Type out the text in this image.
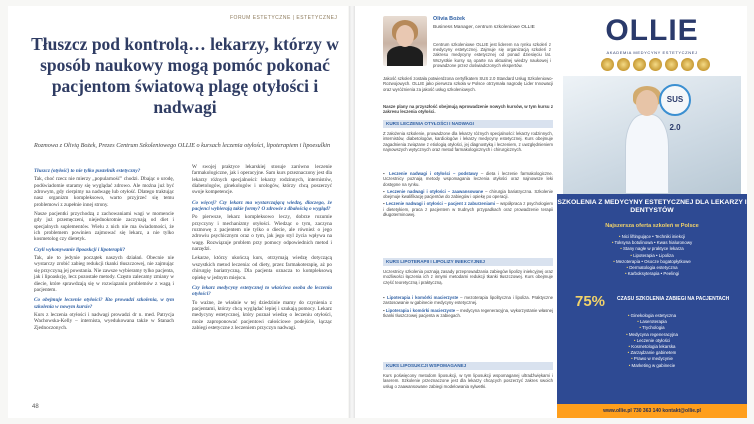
FORUM ESTETYCZNE | ESTETYCZNEJ
Tłuszcz pod kontrolą… lekarzy, którzy w sposób naukowy mogą pomóc pokonać pacjentom światową plagę otyłości i nadwagi
Rozmowa z Olivią Bożek, Prezes Centrum Szkoleniowego OLLIE o kursach leczenia otyłości, lipoterapiem i lipoesulkin
Tłuszcz (otyłość) to nie tylko pustelnik estetyczny?

Tak, choć rzecz nie mierzy „popularność” chodzi. Dbając o urodę, podświadomie staramy się wyglądać zdrowo. Ale można już być zdrowym, gdy cierpimy na nadwagę lub otyłość. Dlatego traktując nasz organizm kompleksowo, warto przyjrzeć się temu problemowi z zupełnie innej strony.

Nasze pacjentki przychodzą z zachowaniami wagi w momencie gdy już przemęczeni, niejednokrotnie zaczynają od diet i specjalnych suplementów. Wielu z nich nie ma świadomości, że ich problemem powinien zajmować się lekarz, a nie tylko kosmetolog czy dietetyk.

Czyli wykonywanie lipoaskcji i lipoterapii?

Tak, ale to jedynie początek naszych działań. Obecnie nie wystarczy zrobić zabieg redukcji tkanki tłuszczowej, nie zajmując się przyczyną jej powstania. Nie zawsze wybieramy tylko pacjenta, jak i lipoaskcję, lecz pozostałe metody. Często zalecamy zmiany w diecie, które sprawdzają się w rozwiązaniu problemów z wagą i pacjentem.

Co obejmuje leczenie otyłości? Kto prowadzi szkolenia, w tym szkolenia w nowym kursie?

Kurs z leczenia otyłości i nadwagi prowadzi dr n. med. Patrycja Wachowska-Kelly – internista, wyedukowana także w Stanach Zjednoczonych.

W swojej praktyce lekarskiej stosuje zarówno leczenie farmakologiczne, jak i operacyjne. Sam kurs przeznaczony jest dla lekarzy różnych specjalności: lekarzy rodzinnych, internistów, diabetologów, ginekologów i urologów, którzy chcą poszerzyć swoje kompetencje.

Co więcej? Czy lekarz ma wystarczającą wiedzę, dlaczego, że pacjenci wybierają takie formy? O zdrowie z dbałością o wygląd?

Po pierwsze, lekarz kompleksowo leczy, dobrze rozumie przyczyny i mechanizmy otyłości. Wiedząc o tym, zaczyna rozmowę z pacjentem nie tylko o diecie, ale również o jego zdrowiu psychicznym oraz o tym, jak jego styl życia wpływa na wagę. Rozwiązuje problem przy pomocy odpowiednich metod i narzędzi.

Lekarze, którzy ukończą kurs, otrzymają wiedzę dotyczącą wszystkich metod leczenia: od diety, przez farmakoterapię, aż po chirurgię bariatryczną. Dla pacjenta oznacza to kompleksową opiekę w jednym miejscu.

Czy lekarz medycyny estetycznej to właściwa osoba do leczenia otyłości?

To ważne, że właśnie w tej dziedzinie mamy do czynienia z pacjentami, którzy chcą wyglądać lepiej i szukają pomocy. Lekarz medycyny estetycznej, który poznał wiedzę o leczeniu otyłości, może zaproponować pacjentowi całościowe podejście, łącząc zabiegi estetyczne z leczeniem przyczyn nadwagi.

48
Olivia Bożek
Business Manager, centrum szkoleniowe OLLIE
Centrum szkoleniowe OLLIE jest liderem na rynku szkoleń z medycyny estetycznej. Zajmuje się organizacją szkoleń z zakresu medycyny estetycznej od ponad dziesięciu lat. Wszystkie kursy są oparte na aktualnej wiedzy naukowej i prowadzone przez doświadczonych ekspertów.
Jakość szkoleń została potwierdzona certyfikatem SUS 2.0 Standard Usług Szkoleniowo-Rozwojowych. OLLIE jako pierwsza szkoła w Polsce otrzymała nagrodę Lider Innowacji oraz wyróżnienia za jakość usług szkoleniowych.
Nasze plany na przyszłość obejmują wprowadzenie nowych kursów, w tym kursu z zakresu leczenia otyłości.
KURS LECZENIA OTYŁOŚCI I NADWAGI
Z założenia szkolenie, prowadzone dla lekarzy różnych specjalności: lekarzy rodzinnych, internistów, diabetologów, kardiologów i lekarzy medycyny estetycznej. Kurs obejmuje zagadnienia związane z etiologią otyłości, jej diagnostyką i leczeniem, z uwzględnieniem najnowszych wytycznych oraz metod farmakologicznych i chirurgicznych.
▪ Leczenie nadwagi i otyłości – podstawy – dieta i leczenie farmakologiczne. Uczestnicy poznają metody wspomagania leczenia otyłości oraz najnowsze leki dostępne na rynku.
▪ Leczenie nadwagi i otyłości – zaawansowane – chirurgia bariatryczna. Szkolenie obejmuje kwalifikację pacjentów do zabiegów i opiekę po operacji.
▪ Leczenie nadwagi i otyłości – pacjent z zaburzeniami – współpraca z psychologiem i dietetykiem, praca z pacjentem w trudnych przypadkach oraz prowadzenie terapii długoterminowej.
KURS LIPOTERAPII I LIPOLIZY INIEKCYJNEJ
Uczestnicy szkolenia poznają zasady przeprowadzania zabiegów lipolizy iniekcyjnej oraz możliwości łączenia ich z innymi metodami redukcji tkanki tłuszczowej. Kurs obejmuje część teoretyczną i praktyczną.
▪ Lipoterapia i komórki macierzyste – mezoterapia lipolityczna i lipoliza. Praktyczne zastosowanie w gabinecie medycyny estetycznej.
▪ Lipoterapia i komórki macierzyste – medycyna regeneracyjna, wykorzystanie własnej tkanki tłuszczowej pacjenta w zabiegach.
KURS LIPOSUKCJI WSPOMAGANEJ
Kurs poświęcony metodom liposukcji, w tym liposukcji wspomaganej ultradźwiękami i laserem. Szkolenie przeznaczone jest dla lekarzy chcących poszerzyć zakres swoich usług o zaawansowane zabiegi modelowania sylwetki.
OLLIE
AKADEMIA MEDYCYNY ESTETYCZNEJ
SUS 2.0
SZKOLENIA Z MEDYCYNY ESTETYCZNEJ DLA LEKARZY I DENTYSTÓW
Najszersza oferta szkoleń w Polsce
• Nici liftingujące • Techniki iniekcji
• Toksyna botulinowa • Kwas hialuronowy
• Stany nagłe w praktyce lekarza
• Lipoterapia • Lipoliza
• Mezoterapia • Osocze bogatopłytkowe
• Dermatologia estetyczna
• Karboksyterapia • Peelingi
75% CZASU SZKOLENIA ZABIEGI NA PACJENTACH
• Ginekologia estetyczna
• Laseroterapia
• Trychologia
• Medycyna regeneracyjna
• Leczenie otyłości
• Kosmetologia lekarska
• Zarządzanie gabinetem
• Prawo w medycynie
• Marketing w gabinecie
www.ollie.pl 730 363 140 kontakt@ollie.pl
